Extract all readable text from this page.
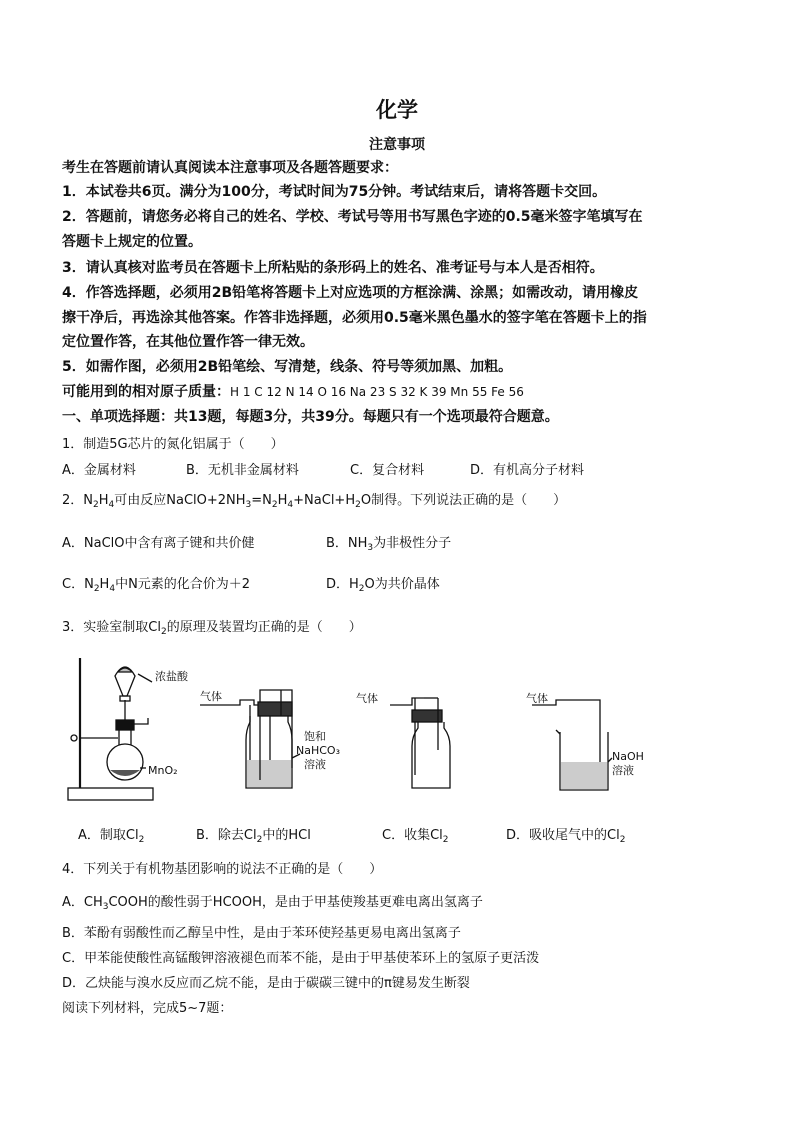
化学
注意事项
考生在答题前请认真阅读本注意事项及各题答题要求：
1．本试卷共6页。满分为100分，考试时间为75分钟。考试结束后，请将答题卡交回。
2．答题前，请您务必将自己的姓名、学校、考试号等用书写黑色字迹的0.5毫米签字笔填写在
答题卡上规定的位置。
3．请认真核对监考员在答题卡上所粘贴的条形码上的姓名、准考证号与本人是否相符。
4．作答选择题，必须用2B铅笔将答题卡上对应选项的方框涂满、涂黑；如需改动，请用橡皮
擦干净后，再选涂其他答案。作答非选择题，必须用0.5毫米黑色墨水的签字笔在答题卡上的指
定位置作答，在其他位置作答一律无效。
5．如需作图，必须用2B铅笔绘、写清楚，线条、符号等须加黑、加粗。
可能用到的相对原子质量：H 1 C 12 N 14 O 16 Na 23 S 32 K 39 Mn 55 Fe 56
一、单项选择题：共13题，每题3分，共39分。每题只有一个选项最符合题意。
1．制造5G芯片的氮化铝属于（　　）
A．金属材料	B．无机非金属材料	C．复合材料	D．有机高分子材料
2．$N_2H_4$可由反应$NaClO+2NH_3=N_2H_4+NaCl+H_2O$制得。下列说法正确的是（　　）
A．NaClO中含有离子键和共价健	B．$NH_3$为非极性分子
C．$N_2H_4$中N元素的化合价为＋2	D．$H_2O$为共价晶体
3．实验室制取$Cl_2$的原理及装置均正确的是（　　）
浓盐酸
MnO₂
气体
饱和
NaHCO₃
溶液
气体	气体
NaOH
溶液
A．制取$Cl_2$	B．除去$Cl_2$中的HCl	C．收集$Cl_2$	D．吸收尾气中的$Cl_2$
4．下列关于有机物基团影响的说法不正确的是（　　）
A．$CH_3COOH$的酸性弱于HCOOH，是由于甲基使羧基更难电离出氢离子
B．苯酚有弱酸性而乙醇呈中性，是由于苯环使羟基更易电离出氢离子
C．甲苯能使酸性高锰酸钾溶液褪色而苯不能，是由于甲基使苯环上的氢原子更活泼
D．乙炔能与溴水反应而乙烷不能，是由于碳碳三键中的π键易发生断裂
阅读下列材料，完成5~7题：
